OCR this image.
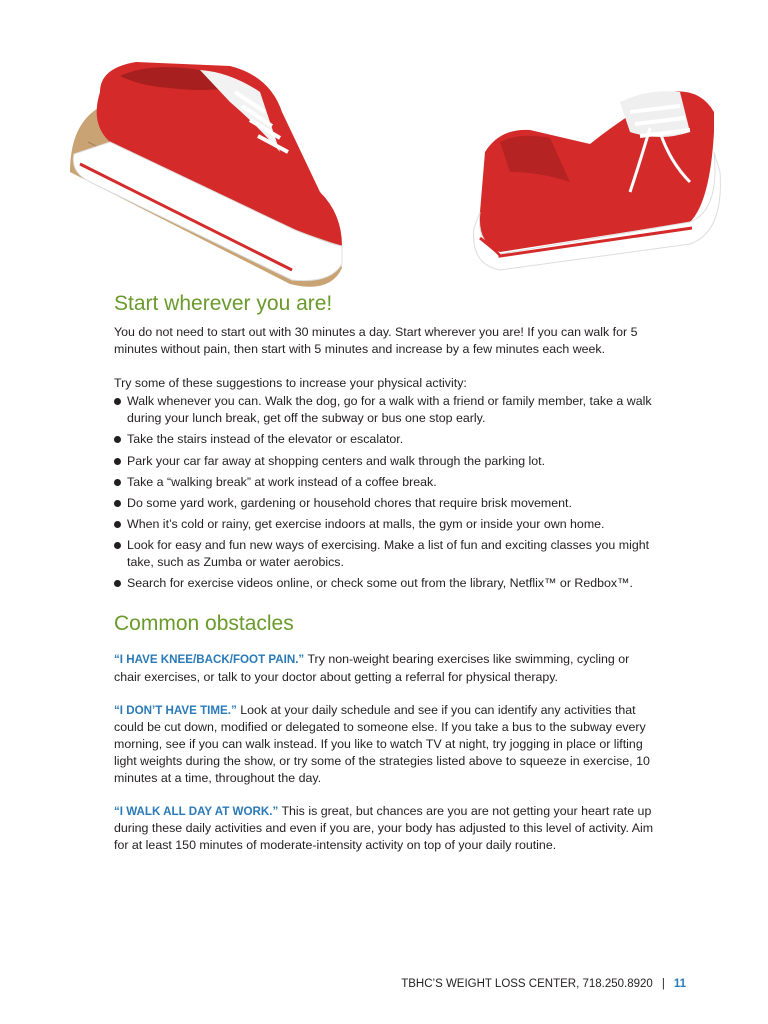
Start wherever you are!

You do not need to start out with 30 minutes a day. Start wherever you are! If you can walk for 5 minutes without pain, then start with 5 minutes and increase by a few minutes each week.

Try some of these suggestions to increase your physical activity:

Walk whenever you can. Walk the dog, go for a walk with a friend or family member, take a walk during your lunch break, get off the subway or bus one stop early.
Take the stairs instead of the elevator or escalator.
Park your car far away at shopping centers and walk through the parking lot.
Take a “walking break” at work instead of a coffee break.
Do some yard work, gardening or household chores that require brisk movement.
When it’s cold or rainy, get exercise indoors at malls, the gym or inside your own home.
Look for easy and fun new ways of exercising. Make a list of fun and exciting classes you might take, such as Zumba or water aerobics.
Search for exercise videos online, or check some out from the library, Netflix™ or Redbox™.
Common obstacles

“I HAVE KNEE/BACK/FOOT PAIN.” Try non-weight bearing exercises like swimming, cycling or chair exercises, or talk to your doctor about getting a referral for physical therapy.

“I DON’T HAVE TIME.” Look at your daily schedule and see if you can identify any activities that could be cut down, modified or delegated to someone else. If you take a bus to the subway every morning, see if you can walk instead. If you like to watch TV at night, try jogging in place or lifting light weights during the show, or try some of the strategies listed above to squeeze in exercise, 10 minutes at a time, throughout the day.

“I WALK ALL DAY AT WORK.” This is great, but chances are you are not getting your heart rate up during these daily activities and even if you are, your body has adjusted to this level of activity. Aim for at least 150 minutes of moderate-intensity activity on top of your daily routine.

TBHC’S WEIGHT LOSS CENTER, 718.250.8920 | 11
